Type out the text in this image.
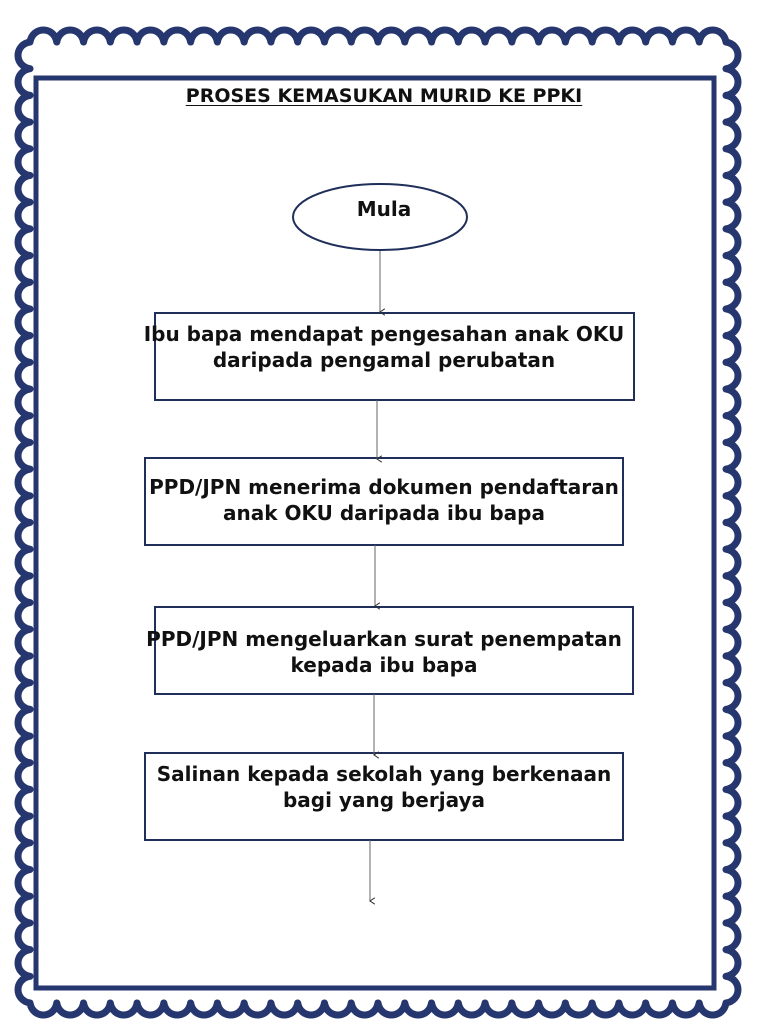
PROSES KEMASUKAN MURID KE PPKI
Mula
Ibu bapa mendapat pengesahan anak OKU
daripada pengamal perubatan
PPD/JPN menerima dokumen pendaftaran
anak OKU daripada ibu bapa
PPD/JPN mengeluarkan surat penempatan
kepada ibu bapa
Salinan kepada sekolah yang berkenaan
bagi yang berjaya
